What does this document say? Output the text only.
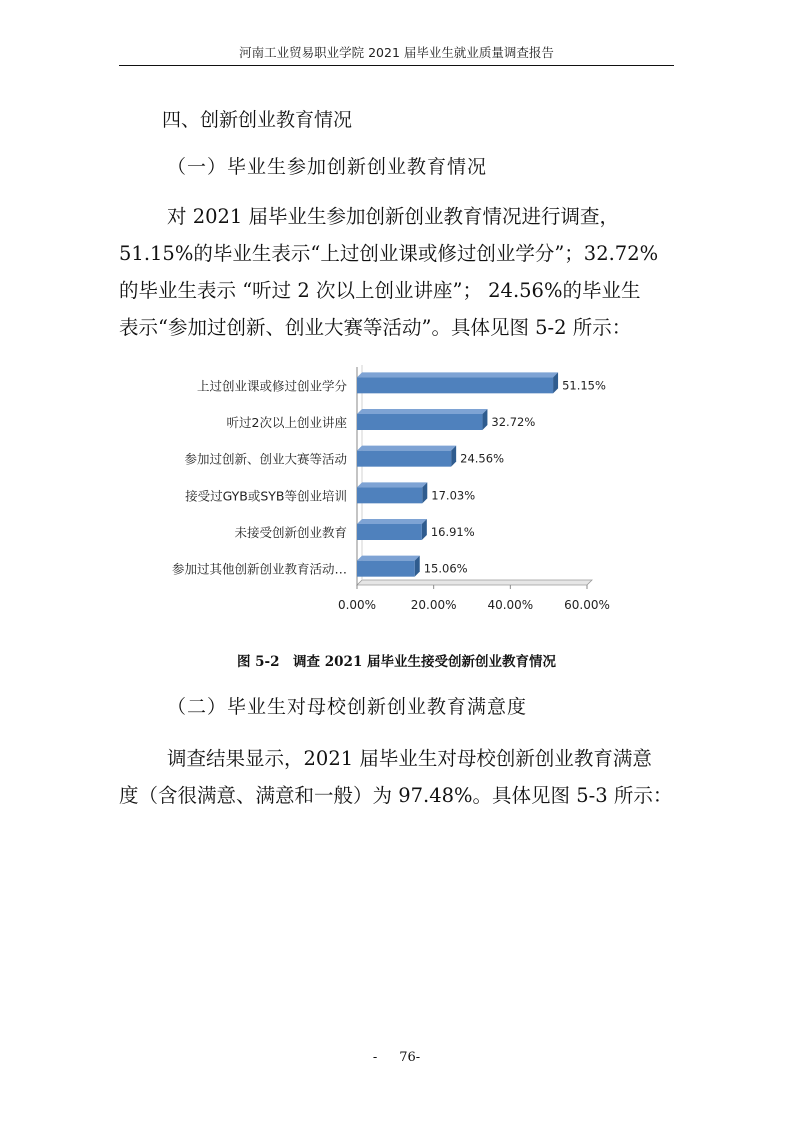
河南工业贸易职业学院 2021 届毕业生就业质量调查报告
四、创新创业教育情况
（一）毕业生参加创新创业教育情况

对 2021 届毕业生参加创新创业教育情况进行调查，

51.15%的毕业生表示“上过创业课或修过创业学分”；32.72%

的毕业生表示 “听过 2 次以上创业讲座”； 24.56%的毕业生

表示“参加过创新、创业大赛等活动”。具体见图 5-2 所示：

上过创业课或修过创业学分	51.15%
听过2次以上创业讲座	32.72%
参加过创新、创业大赛等活动	24.56%
接受过GYB或SYB等创业培训	17.03%
未接受创新创业教育	16.91%
参加过其他创新创业教育活动…	15.06%
0.00%	20.00%	40.00%	60.00%
图 5-2　调查 2021 届毕业生接受创新创业教育情况
（二）毕业生对母校创新创业教育满意度

调查结果显示，2021 届毕业生对母校创新创业教育满意

度（含很满意、满意和一般）为 97.48%。具体见图 5-3 所示：

- 76-
